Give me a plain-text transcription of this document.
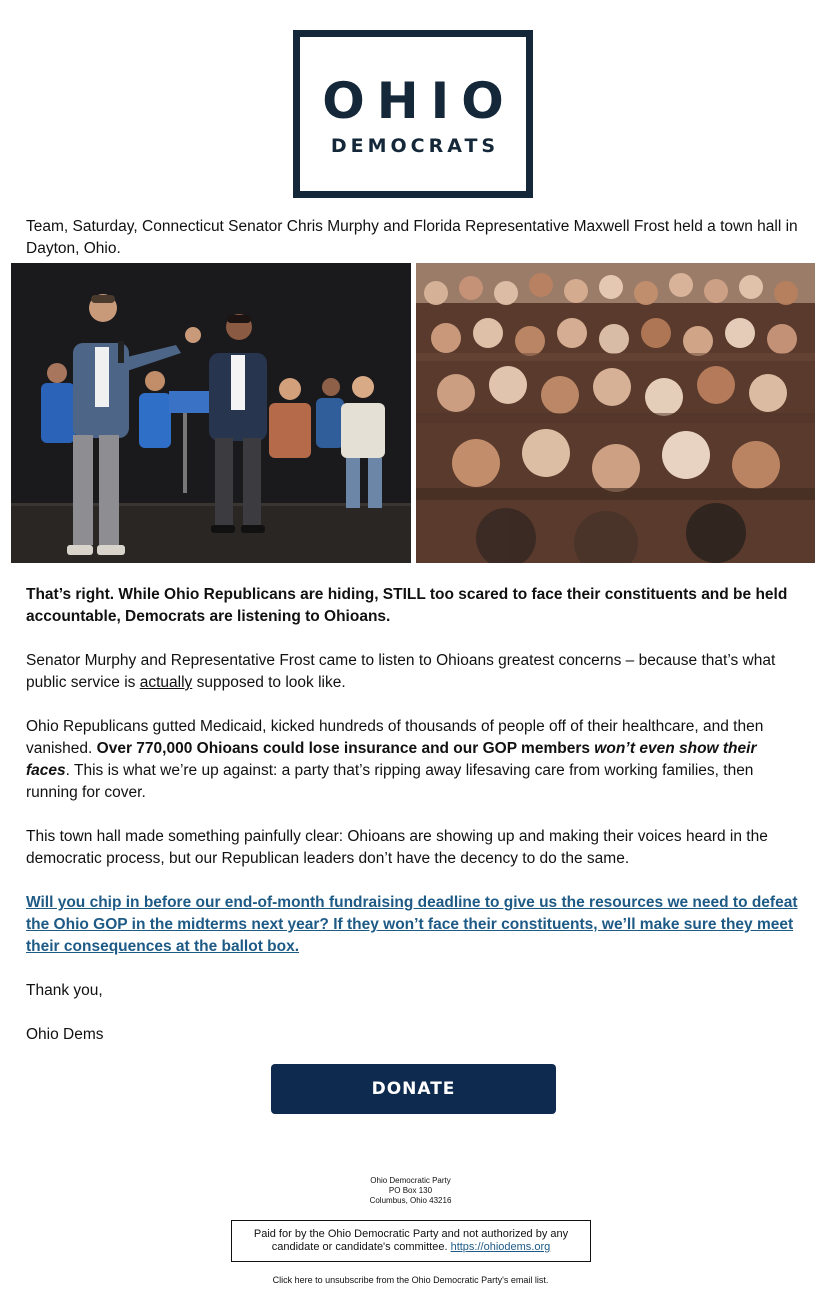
OHIO
DEMOCRATS
Team, Saturday, Connecticut Senator Chris Murphy and Florida Representative Maxwell Frost held a town hall in Dayton, Ohio.
That’s right. While Ohio Republicans are hiding, STILL too scared to face their constituents and be held accountable, Democrats are listening to Ohioans.
Senator Murphy and Representative Frost came to listen to Ohioans greatest concerns – because that’s what public service is actually supposed to look like.
Ohio Republicans gutted Medicaid, kicked hundreds of thousands of people off of their healthcare, and then vanished. Over 770,000 Ohioans could lose insurance and our GOP members won’t even show their faces. This is what we’re up against: a party that’s ripping away lifesaving care from working families, then running for cover.
This town hall made something painfully clear: Ohioans are showing up and making their voices heard in the democratic process, but our Republican leaders don’t have the decency to do the same.
Will you chip in before our end-of-month fundraising deadline to give us the resources we need to defeat the Ohio GOP in the midterms next year? If they won’t face their constituents, we’ll make sure they meet their consequences at the ballot box.
Thank you,
Ohio Dems
DONATE
Ohio Democratic Party
PO Box 130
Columbus, Ohio 43216
Paid for by the Ohio Democratic Party and not authorized by any candidate or candidate's committee. https://ohiodems.org
Click here to unsubscribe from the Ohio Democratic Party's email list.
